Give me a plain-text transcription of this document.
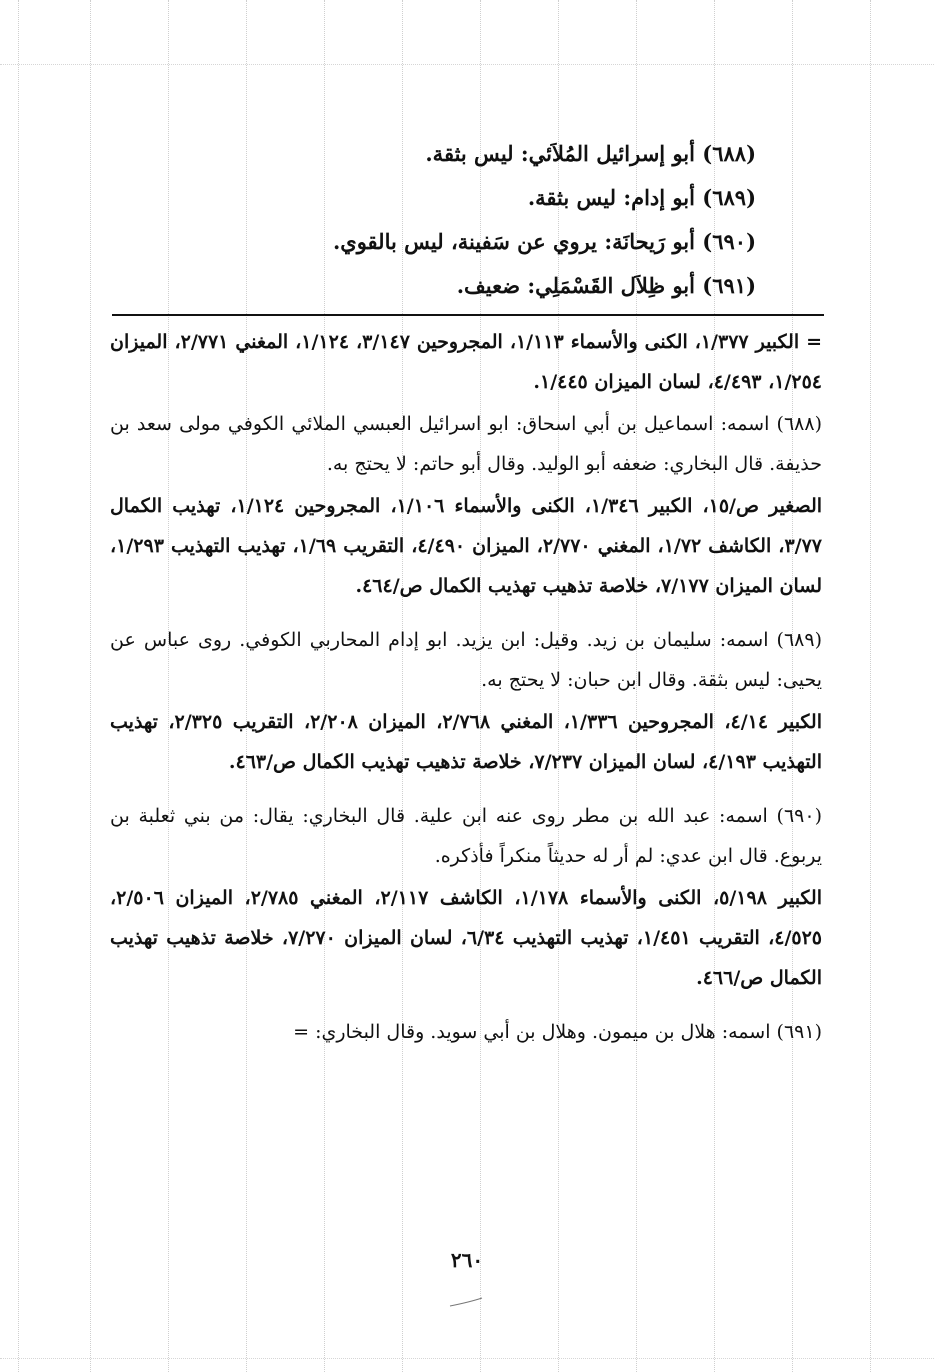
(٦٨٨) أبو إسرائيل المُلاَئي: ليس بثقة.
(٦٨٩) أبو إدام: ليس بثقة.
(٦٩٠) أبو رَيحانَة: يروي عن سَفينة، ليس بالقوي.
(٦٩١) أبو ظِلاَل القَسْمَلِي: ضعيف.

= الكبير ١/٣٧٧، الكنى والأسماء ١/١١٣، المجروحين ٣/١٤٧، ١/١٢٤، المغني ٢/٧٧١، الميزان ١/٢٥٤، ٤/٤٩٣، لسان الميزان ١/٤٤٥.

(٦٨٨) اسمه: اسماعيل بن أبي اسحاق: ابو اسرائيل العبسي الملائي الكوفي مولى سعد بن حذيفة. قال البخاري: ضعفه أبو الوليد. وقال أبو حاتم: لا يحتج به.

الصغير ص/١٥، الكبير ١/٣٤٦، الكنى والأسماء ١/١٠٦، المجروحين ١/١٢٤، تهذيب الكمال ٣/٧٧، الكاشف ١/٧٢، المغني ٢/٧٧٠، الميزان ٤/٤٩٠، التقريب ١/٦٩، تهذيب التهذيب ١/٢٩٣، لسان الميزان ٧/١٧٧، خلاصة تذهيب تهذيب الكمال ص/٤٦٤.

(٦٨٩) اسمه: سليمان بن زيد. وقيل: ابن يزيد. ابو إدام المحاربي الكوفي. روى عباس عن يحيى: ليس بثقة. وقال ابن حبان: لا يحتج به.

الكبير ٤/١٤، المجروحين ١/٣٣٦، المغني ٢/٧٦٨، الميزان ٢/٢٠٨، التقريب ٢/٣٢٥، تهذيب التهذيب ٤/١٩٣، لسان الميزان ٧/٢٣٧، خلاصة تذهيب تهذيب الكمال ص/٤٦٣.

(٦٩٠) اسمه: عبد الله بن مطر روى عنه ابن علية. قال البخاري: يقال: من بني ثعلبة بن يربوع. قال ابن عدي: لم أر له حديثاً منكراً فأذكره.

الكبير ٥/١٩٨، الكنى والأسماء ١/١٧٨، الكاشف ٢/١١٧، المغني ٢/٧٨٥، الميزان ٢/٥٠٦، ٤/٥٢٥، التقريب ١/٤٥١، تهذيب التهذيب ٦/٣٤، لسان الميزان ٧/٢٧٠، خلاصة تذهيب تهذيب الكمال ص/٤٦٦.

(٦٩١) اسمه: هلال بن ميمون. وهلال بن أبي سويد. وقال البخاري: =

٢٦٠
